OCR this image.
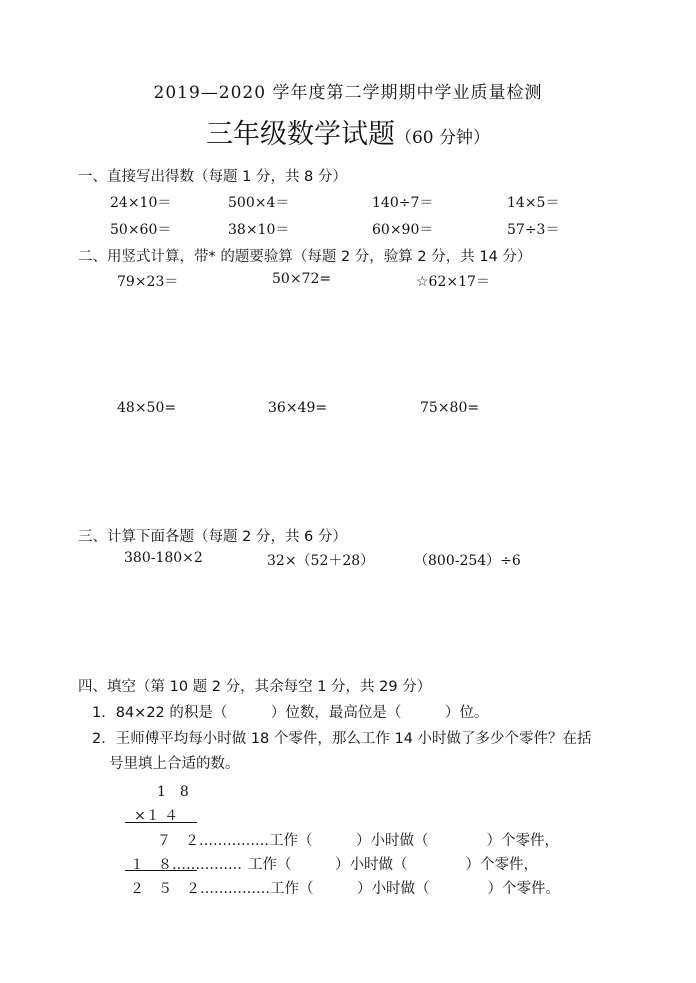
2019—2020 学年度第二学期期中学业质量检测
三年级数学试题（60 分钟）
一、直接写出得数（每题 1 分，共 8 分）
24×10＝	500×4＝	140÷7＝	14×5＝
50×60＝	38×10＝	60×90＝	57÷3＝
二、用竖式计算，带* 的题要验算（每题 2 分，验算 2 分，共 14 分）
79×23＝	50×72=	☆62×17＝
48×50=	36×49=	75×80=
三、计算下面各题（每题 2 分，共 6 分）
380-180×2	32×（52＋28）	（800-254）÷6
四、填空（第 10 题 2 分，其余每空 1 分，共 29 分）
1．84×22 的积是（　　　）位数，最高位是（　　　）位。
2．王师傅平均每小时做 18 个零件，那么工作 14 小时做了多少个零件？在括
号里填上合适的数。
1　8
×１ ４
７　２……………工作（　　　）小时做（　　　　）个零件，
１　８…………… 工作（　　　）小时做（　　　　）个零件，
２　５　２……………工作（　　　）小时做（　　　　）个零件。
